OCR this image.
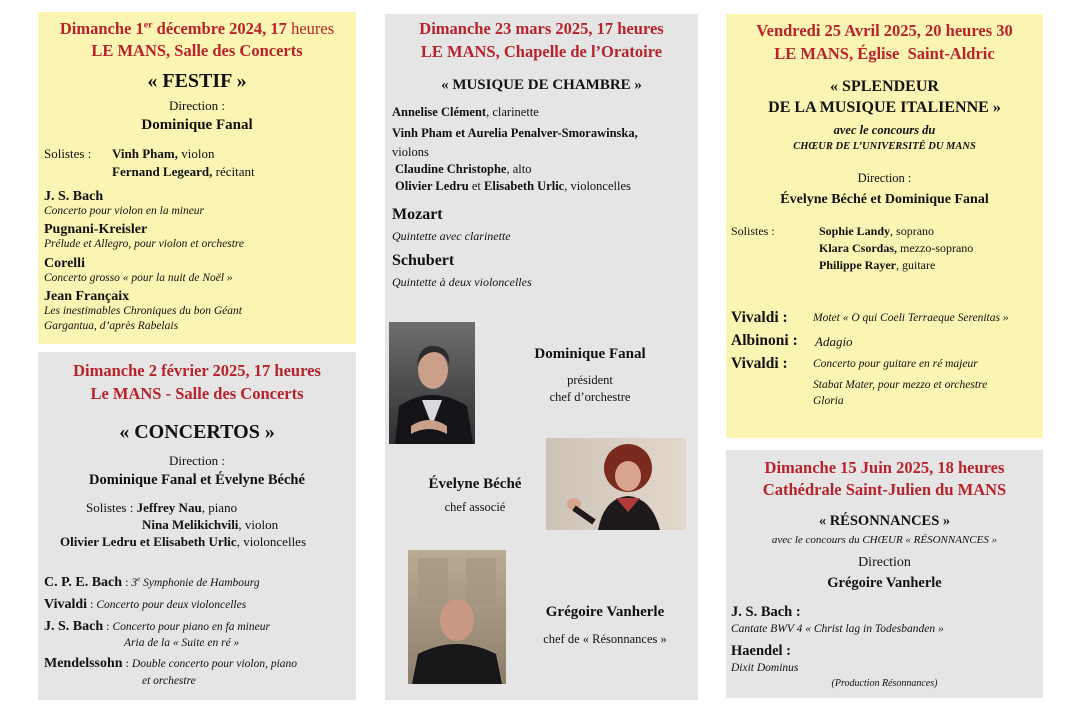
Dimanche 1er décembre 2024, 17 heures
LE MANS, Salle des Concerts
« FESTIF »
Direction :
Dominique Fanal
Solistes : Vinh Pham, violon
Fernand Legeard, récitant
J. S. Bach
Concerto pour violon en la mineur
Pugnani-Kreisler
Prélude et Allegro, pour violon et orchestre
Corelli
Concerto grosso « pour la nuit de Noël »
Jean Françaix
Les inestimables Chroniques du bon Géant
Gargantua, d’après Rabelais
Dimanche 2 février 2025, 17 heures
Le MANS - Salle des Concerts
« CONCERTOS »
Direction :
Dominique Fanal et Évelyne Béché
Solistes : Jeffrey Nau, piano
Nina Melikichvili, violon
Olivier Ledru et Elisabeth Urlic, violoncelles
C. P. E. Bach : 3e Symphonie de Hambourg
Vivaldi : Concerto pour deux violoncelles
J. S. Bach : Concerto pour piano en fa mineur
Aria de la « Suite en ré »
Mendelssohn : Double concerto pour violon, piano
et orchestre
Dimanche 23 mars 2025, 17 heures
LE MANS, Chapelle de l’Oratoire
« MUSIQUE DE CHAMBRE »
Annelise Clément, clarinette
Vinh Pham et Aurelia Penalver-Smorawinska,
violons
Claudine Christophe, alto
Olivier Ledru et Elisabeth Urlic, violoncelles
Mozart
Quintette avec clarinette
Schubert
Quintette à deux violoncelles
Dominique Fanal
président
chef d’orchestre
Évelyne Béché
chef associé
Grégoire Vanherle
chef de « Résonnances »
Vendredi 25 Avril 2025, 20 heures 30
LE MANS, Église  Saint-Aldric
« SPLENDEUR
DE LA MUSIQUE ITALIENNE »
avec le concours du
CHŒUR DE L’UNIVERSITÉ DU MANS
Direction :
Évelyne Béché et Dominique Fanal
Solistes :	Sophie Landy, soprano
Klara Csordas, mezzo-soprano
Philippe Rayer, guitare
Vivaldi : Motet « O qui Coeli Terraeque Serenitas »
Albinoni : Adagio
Vivaldi : Concerto pour guitare en ré majeur
Stabat Mater, pour mezzo et orchestre
Gloria
Dimanche 15 Juin 2025, 18 heures
Cathédrale Saint-Julien du MANS
« RÉSONNANCES »
avec le concours du CHŒUR « RÉSONNANCES »
Direction
Grégoire Vanherle
J. S. Bach :
Cantate BWV 4 « Christ lag in Todesbanden »
Haendel :
Dixit Dominus
(Production Résonnances)
